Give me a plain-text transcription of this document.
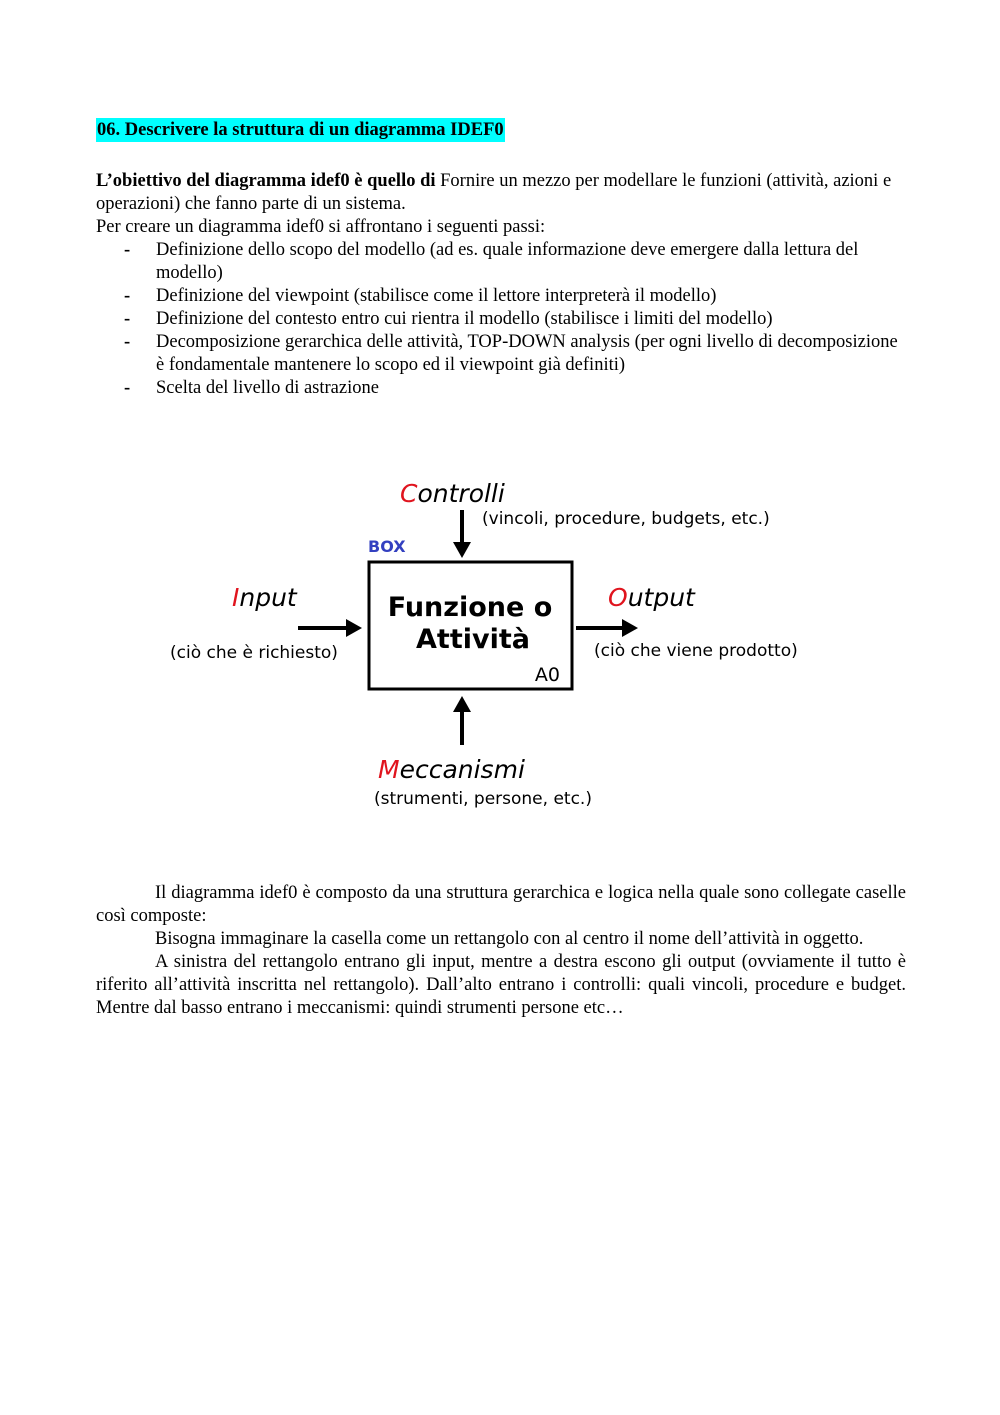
06. Descrivere la struttura di un diagramma IDEF0

L’obiettivo del diagramma idef0 è quello di Fornire un mezzo per modellare le funzioni (attività, azioni e operazioni) che fanno parte di un sistema.

Per creare un diagramma idef0 si affrontano i seguenti passi:

- Definizione dello scopo del modello (ad es. quale informazione deve emergere dalla lettura del modello)
- Definizione del viewpoint (stabilisce come il lettore interpreterà il modello)
- Definizione del contesto entro cui rientra il modello (stabilisce i limiti del modello)
- Decomposizione gerarchica delle attività, TOP-DOWN analysis (per ogni livello di decomposizione è fondamentale mantenere lo scopo ed il viewpoint già definiti)
- Scelta del livello di astrazione
Controlli
(vincoli, procedure, budgets, etc.)
BOX
Funzione o
Attività
A0
Input
(ciò che è richiesto)
Output
(ciò che viene prodotto)
Meccanismi
(strumenti, persone, etc.)

Il diagramma idef0 è composto da una struttura gerarchica e logica nella quale sono collegate caselle così composte:

Bisogna immaginare la casella come un rettangolo con al centro il nome dell’attività in oggetto.

A sinistra del rettangolo entrano gli input, mentre a destra escono gli output (ovviamente il tutto è riferito all’attività inscritta nel rettangolo). Dall’alto entrano i controlli: quali vincoli, procedure e budget. Mentre dal basso entrano i meccanismi: quindi strumenti persone etc…
